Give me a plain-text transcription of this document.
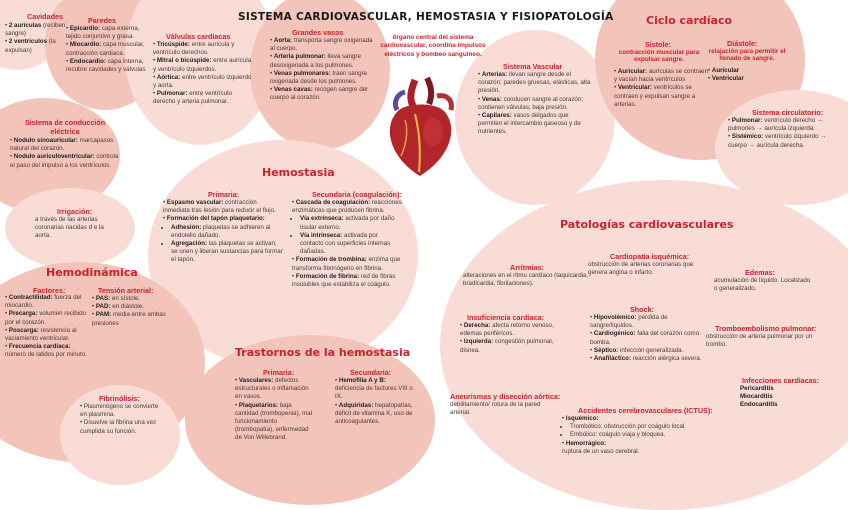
SISTEMA CARDIOVASCULAR, HEMOSTASIA Y FISIOPATOLOGÍA
órgano central del sistema cardiovascular, coordina impulsos eléctricos y bombeo sanguíneo.
Cavidades
• 2 aurículas (reciben sangre)
• 2 ventrículos (la expulsan)
Paredes
• Epicardio: capa externa, tejido conjuntivo y grasa.
• Miocardio: capa muscular, contracción cardiaca.
• Endocardio: capa interna, recubre cavidades y válvulas
Válvulas cardiacas
• Tricúspide: entre aurícula y ventrículo derechos.
• Mitral o bicúspide: entre aurícula y ventrículo izquierdos.
• Aórtica: entre ventrículo izquierdo y aorta.
• Pulmonar: entre ventrículo derecho y arteria pulmonar.
Grandes vasos
• Aorta: transporta sangre oxigenada al cuerpo.
• Arteria pulmonar: lleva sangre desoxigenada a los pulmones.
• Venas pulmonares: traen sangre oxigenada desde los pulmones.
• Venas cavas: recogen sangre del cuerpo al corazón.
Sistema de conducción eléctrica
• Nodulo sinoauricular: marcapasos natural del corazón.
• Nodulo auriculoventricular: controla el paso del impulso a los ventrículos.
Irrigación:
a través de las arterias coronarias nacidas d e la aorta.
Sistema Vascular
• Arterias: llevan sangre desde el corazón; paredes gruesas, elásticas, alta presión.
• Venas: conducen sangre al corazón; contienen válvulas; baja presión.
• Capilares: vasos delgados que permiten el intercambio gaseoso y de nutrientes.
Ciclo cardíaco
Sístole:
contracción muscular para expulsar sangre.
• Auricular: aurículas se contraen y vacían hacia ventrículos
• Ventricular: ventrículos se contraen y expulsan sangre a arterias.
Diástole:
relajación para permitir el llenado de sangre.
• Auricular
• Ventricular
Sistema circulatorio:
• Pulmonar: ventrículo derecho → pulmones → aurícula izquierda.
• Sistémico: ventrículo izquierdo → cuerpo → aurícula derecha.
Hemostasia
Primaria:
• Espasmo vascular: contracción inmediata tras lesión para reducir el flujo.
• Formación del tapón plaquetario:
• Adhesión: plaquetas se adhieren al endotelio dañado.
• Agregación: las plaquetas se activan, se unen y liberan sustancias para formar el tapón.
Secundaria (coagulación):
• Cascada de coagulación: reacciones enzimáticas que producen fibrina.
• Vía extrínseca: activada por daño tisular externo.
• Vía intrínseca: activada por contacto con superficies internas dañadas.
• Formación de trombina: enzima que transforma fibrinógeno en fibrina.
• Formación de fibrina: red de fibras insolubles que estabiliza el coágulo.
Hemodinámica
Factores:
• Contractilidad: fuerza del miocardio.
• Precarga: volumen recibido por el corazón.
• Poscarga: resistencia al vaciamiento ventricular.
• Frecuencia cardiaca: número de latidos por minuto.
Tensión arterial:
• PAS: en sístole.
• PAD: en diástole.
• PAM: media entre ambas presiones
Fibrinólisis:
• Plasminógeno se convierte en plasmina.
• Disuelve la fibrina una vez cumplida su función.
Trastornos de la hemostasia
Primaria:
• Vasculares: defectos estructurales o inflamación en vasos.
• Plaquetarios: baja cantidad (trombopenia), mal funcionamiento (trombopatía), enfermedad de Von Willebrand.
Secundaria:
• Hemofilia A y B: deficiencia de factores VIII o IX.
• Adquiridas: hepatopatías, déficit de vitamina K, uso de anticoagulantes.
Patologías cardiovasculares
Arritmias:
alteraciones en el ritmo cardíaco (taquicardia, bradicardia, fibrilaciones).
Cardiopatía isquémica:
obstrucción de arterias coronarias que genera angina o infarto.	Edemas:
acumulación de líquido. Localizado o generalizado.
Insuficiencia cardiaca:
• Derecha: afecta retorno venoso, edemas periféricos.
• Izquierda: congestión pulmonar, disnea.
Shock:
• Hipovolémico: pérdida de sangre/líquidos.
• Cardiogénico: falla del corazón como bomba.
• Séptico: infección generalizada.
• Anafiláctico: reacción alérgica severa.
Tromboembolismo pulmonar:
obstrucción de arteria pulmonar por un trombo.
Aneurismas y disección aórtica:
debilitamiento/ rotura de la pared arterial.	Accidentes cerebrovasculares (ICTUS):
• Isquémico:
• Trombótico: obstrucción por coágulo local.
• Embólico: coágulo viaja y bloquea.
• Hemorrágico:
ruptura de un vaso cerebral.
Infecciones cardiacas:
Pericarditis
Miocarditis
Endocarditis
